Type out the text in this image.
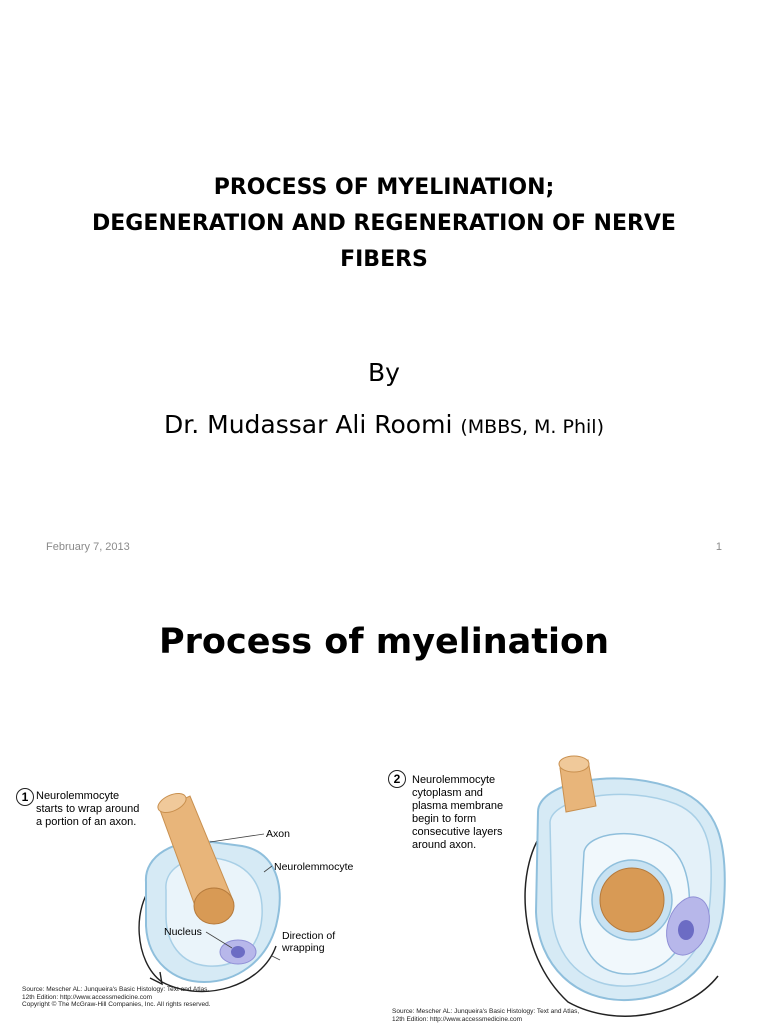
PROCESS OF MYELINATION;
DEGENERATION AND REGENERATION OF NERVE
FIBERS

By

Dr. Mudassar Ali Roomi (MBBS, M. Phil)

February 7, 2013	1
Process of myelination
1 Neurolemmocyte
starts to wrap around
a portion of an axon.
Axon
Neurolemmocyte
Nucleus	Direction of
wrapping
Source: Mescher AL: Junqueira's Basic Histology: Text and Atlas,
12th Edition: http://www.accessmedicine.com
Copyright © The McGraw-Hill Companies, Inc. All rights reserved.
2	Neurolemmocyte
cytoplasm and
plasma membrane
begin to form
consecutive layers
around axon.
Source: Mescher AL: Junqueira's Basic Histology: Text and Atlas,
12th Edition: http://www.accessmedicine.com
